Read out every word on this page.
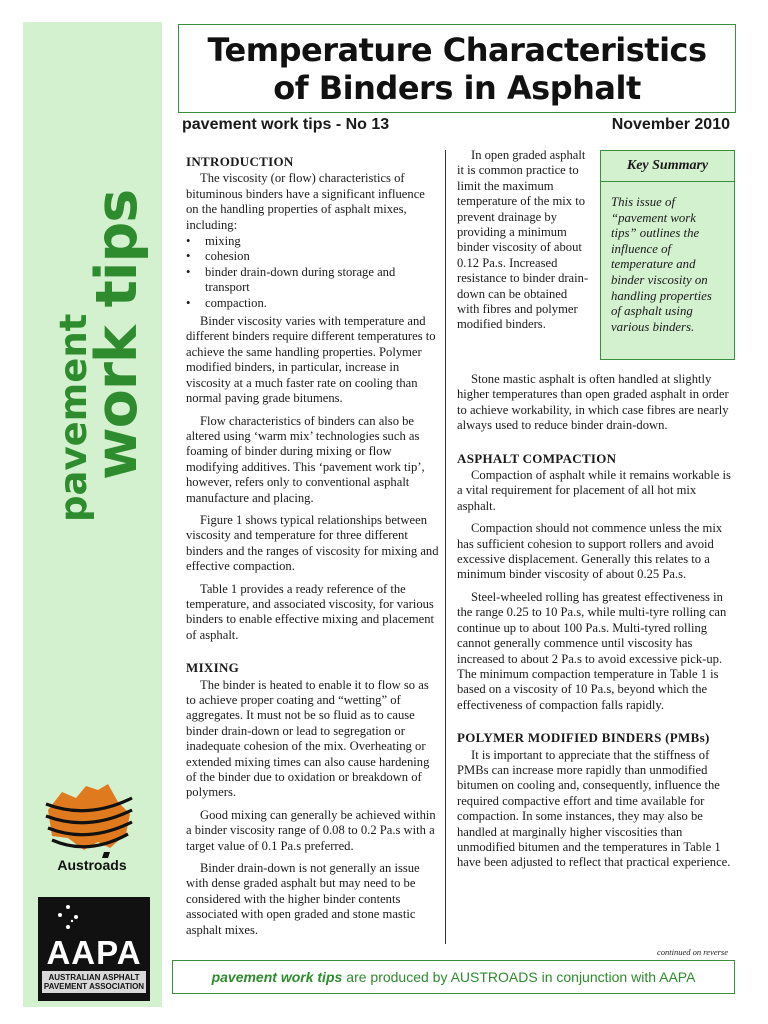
pavement
work tips
Austroads
AAPA
AUSTRALIAN ASPHALT PAVEMENT ASSOCIATION
Temperature Characteristics
of Binders in Asphalt
pavement work tips - No 13	November 2010
INTRODUCTION

The viscosity (or flow) characteristics of bituminous binders have a significant influence on the handling properties of asphalt mixes, including:

• mixing
• cohesion
• binder drain-down during storage and transport
• compaction.

Binder viscosity varies with temperature and different binders require different temperatures to achieve the same handling properties. Polymer modified binders, in particular, increase in viscosity at a much faster rate on cooling than normal paving grade bitumens.

Flow characteristics of binders can also be altered using ‘warm mix’ technologies such as foaming of binder during mixing or flow modifying additives. This ‘pavement work tip’, however, refers only to conventional asphalt manufacture and placing.

Figure 1 shows typical relationships between viscosity and temperature for three different binders and the ranges of viscosity for mixing and effective compaction.

Table 1 provides a ready reference of the temperature, and associated viscosity, for various binders to enable effective mixing and placement of asphalt.

MIXING

The binder is heated to enable it to flow so as to achieve proper coating and “wetting” of aggregates. It must not be so fluid as to cause binder drain-down or lead to segregation or inadequate cohesion of the mix. Overheating or extended mixing times can also cause hardening of the binder due to oxidation or breakdown of polymers.

Good mixing can generally be achieved within a binder viscosity range of 0.08 to 0.2 Pa.s with a target value of 0.1 Pa.s preferred.

Binder drain-down is not generally an issue with dense graded asphalt but may need to be considered with the higher binder contents associated with open graded and stone mastic asphalt mixes.

In open graded asphalt it is common practice to limit the maximum temperature of the mix to prevent drainage by providing a minimum binder viscosity of about 0.12 Pa.s. Increased resistance to binder drain-down can be obtained with fibres and polymer modified binders.

Key Summary
This issue of “pavement work tips” outlines the influence of temperature and binder viscosity on handling properties of asphalt using various binders.

Stone mastic asphalt is often handled at slightly higher temperatures than open graded asphalt in order to achieve workability, in which case fibres are nearly always used to reduce binder drain-down.

ASPHALT COMPACTION

Compaction of asphalt while it remains workable is a vital requirement for placement of all hot mix asphalt.

Compaction should not commence unless the mix has sufficient cohesion to support rollers and avoid excessive displacement. Generally this relates to a minimum binder viscosity of about 0.25 Pa.s.

Steel-wheeled rolling has greatest effectiveness in the range 0.25 to 10 Pa.s, while multi-tyre rolling can continue up to about 100 Pa.s. Multi-tyred rolling cannot generally commence until viscosity has increased to about 2 Pa.s to avoid excessive pick-up. The minimum compaction temperature in Table 1 is based on a viscosity of 10 Pa.s, beyond which the effectiveness of compaction falls rapidly.

POLYMER MODIFIED BINDERS (PMBs)

It is important to appreciate that the stiffness of PMBs can increase more rapidly than unmodified bitumen on cooling and, consequently, influence the required compactive effort and time available for compaction. In some instances, they may also be handled at marginally higher viscosities than unmodified bitumen and the temperatures in Table 1 have been adjusted to reflect that practical experience.

continued on reverse
pavement work tips are produced by AUSTROADS in conjunction with AAPA
